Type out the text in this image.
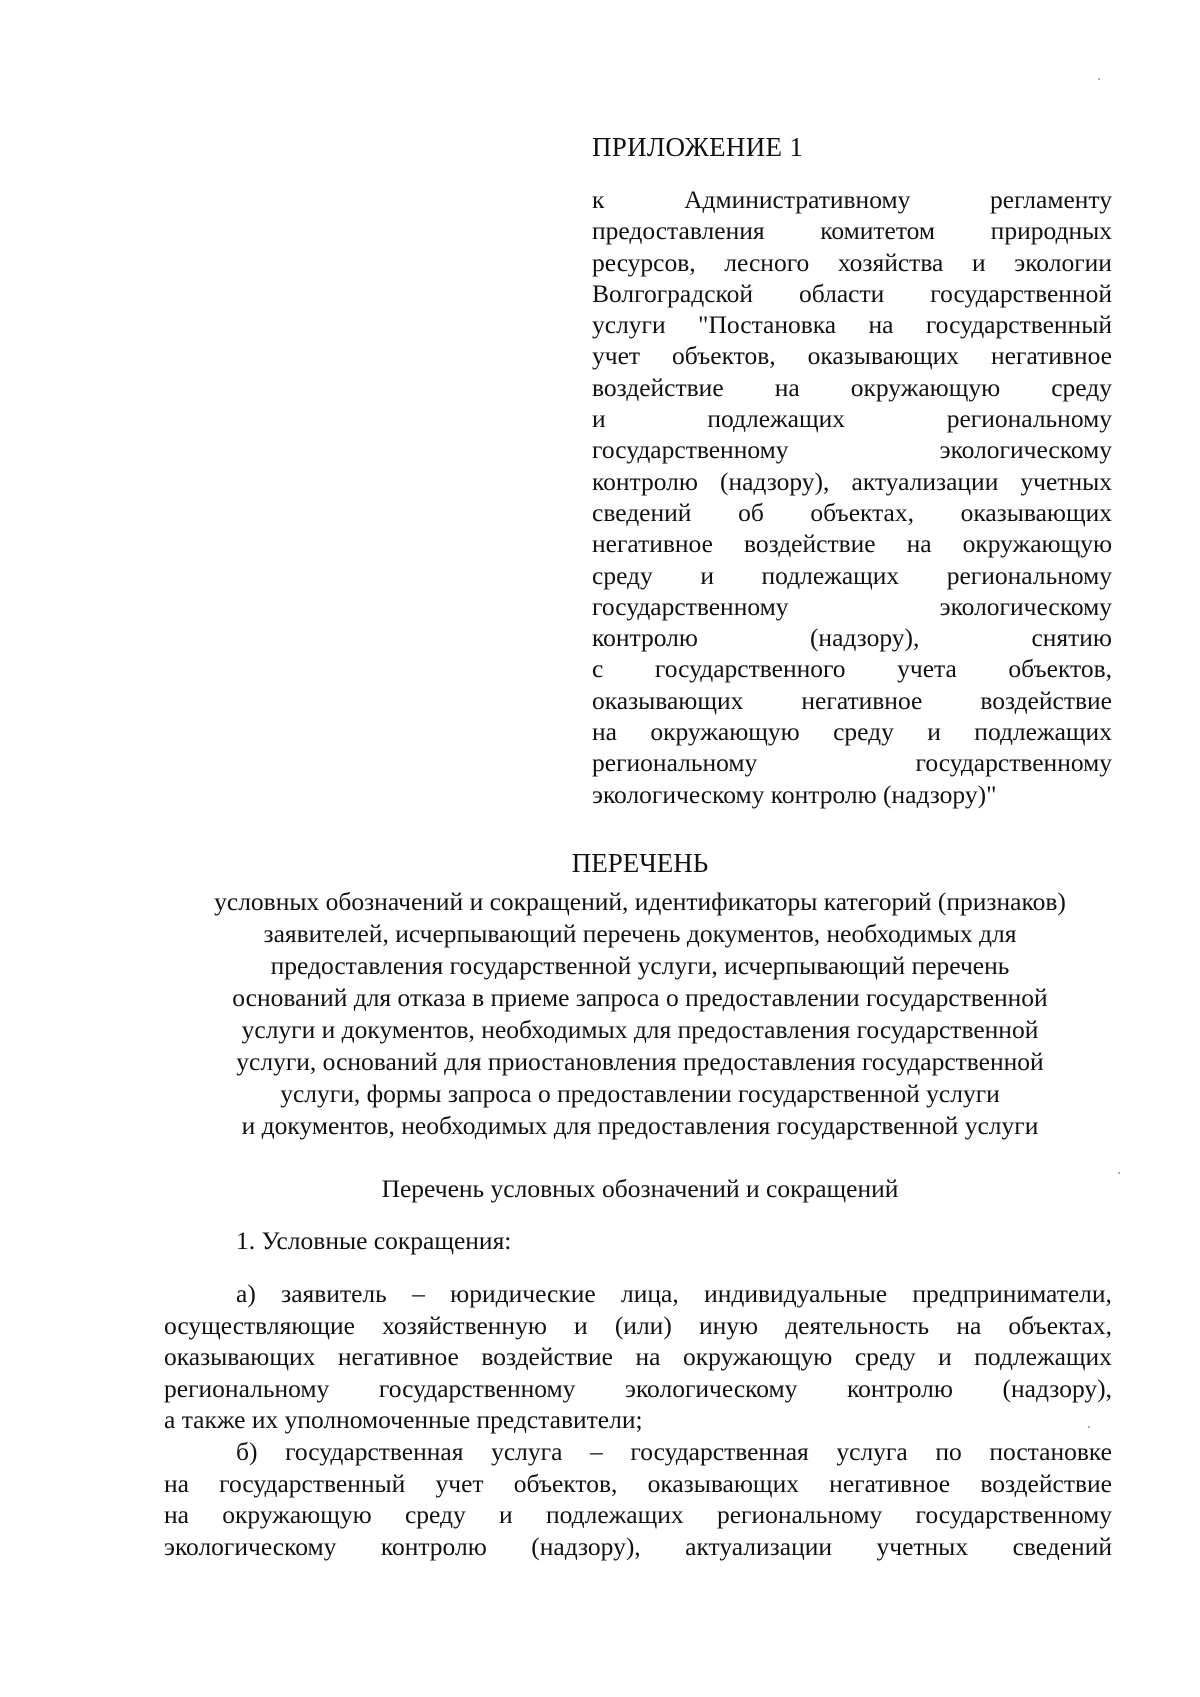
ПРИЛОЖЕНИЕ 1
к	Административному	регламенту
предоставления комитетом природных
ресурсов, лесного хозяйства и экологии
Волгоградской области государственной
услуги "Постановка на государственный
учет объектов, оказывающих негативное
воздействие на окружающую среду
и	подлежащих	региональному
государственному	экологическому
контролю (надзору), актуализации учетных
сведений об объектах, оказывающих
негативное воздействие на окружающую
среду и подлежащих региональному
государственному	экологическому
контролю	(надзору),	снятию
с государственного учета объектов,
оказывающих негативное воздействие
на окружающую среду и подлежащих
региональному	государственному
экологическому контролю (надзору)"
ПЕРЕЧЕНЬ
условных обозначений и сокращений, идентификаторы категорий (признаков)
заявителей, исчерпывающий перечень документов, необходимых для
предоставления государственной услуги, исчерпывающий перечень
оснований для отказа в приеме запроса о предоставлении государственной
услуги и документов, необходимых для предоставления государственной
услуги, оснований для приостановления предоставления государственной
услуги, формы запроса о предоставлении государственной услуги
и документов, необходимых для предоставления государственной услуги
Перечень условных обозначений и сокращений
1. Условные сокращения:
а) заявитель – юридические лица, индивидуальные предприниматели,
осуществляющие хозяйственную и (или) иную деятельность на объектах,
оказывающих негативное воздействие на окружающую среду и подлежащих
региональному государственному экологическому контролю (надзору),
а также их уполномоченные представители;
б) государственная услуга – государственная услуга по постановке
на государственный учет объектов, оказывающих негативное воздействие
на окружающую среду и подлежащих региональному государственному
экологическому контролю (надзору), актуализации учетных сведений
